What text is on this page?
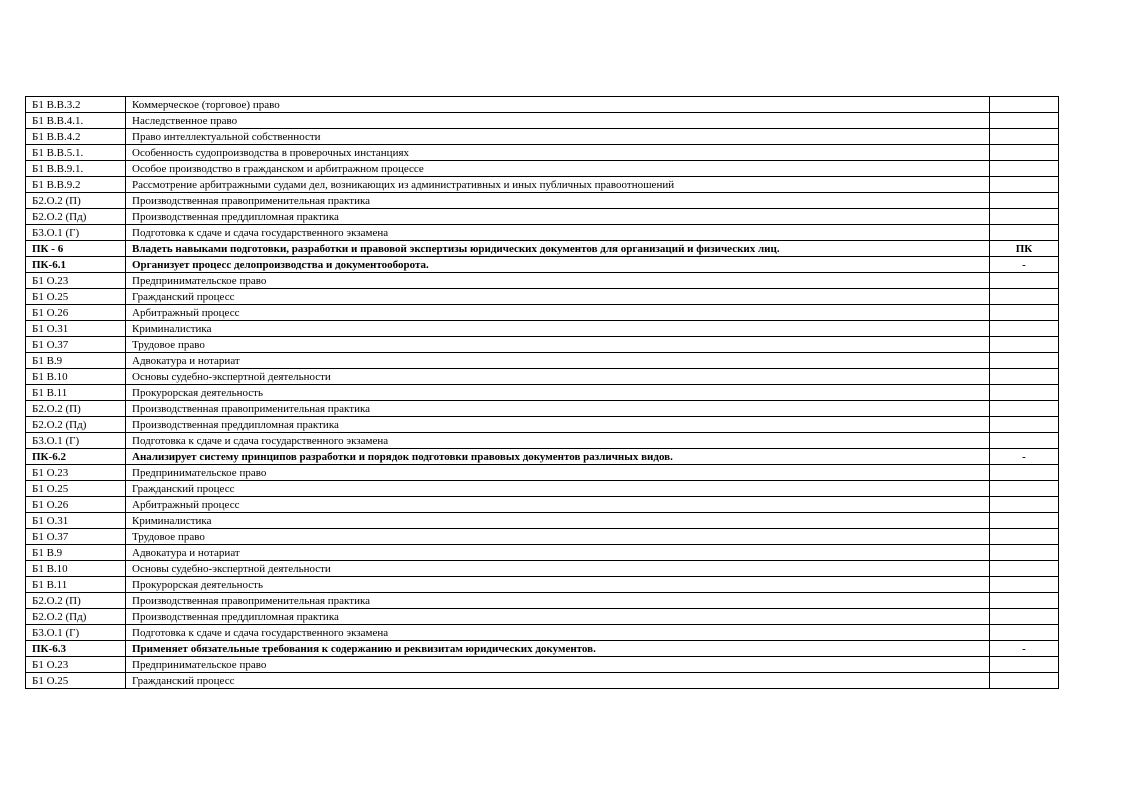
Б1 В.В.3.2	Коммерческое (торговое) право	
Б1 В.В.4.1.	Наследственное право	
Б1 В.В.4.2	Право интеллектуальной собственности	
Б1 В.В.5.1.	Особенность судопроизводства в проверочных инстанциях	
Б1 В.В.9.1.	Особое производство в гражданском и арбитражном процессе	
Б1 В.В.9.2	Рассмотрение арбитражными судами дел, возникающих из административных и иных публичных правоотношений	
Б2.О.2 (П)	Производственная правоприменительная практика	
Б2.О.2 (Пд)	Производственная преддипломная практика	
Б3.О.1 (Г)	Подготовка к сдаче и сдача государственного экзамена	
ПК - 6	Владеть навыками подготовки, разработки и правовой экспертизы юридических документов для организаций и физических лиц.	ПК
ПК-6.1	Организует процесс делопроизводства и документооборота.	-
Б1 О.23	Предпринимательское право	
Б1 О.25	Гражданский процесс	
Б1 О.26	Арбитражный процесс	
Б1 О.31	Криминалистика	
Б1 О.37	Трудовое право	
Б1 В.9	Адвокатура и нотариат	
Б1 В.10	Основы судебно-экспертной деятельности	
Б1 В.11	Прокурорская деятельность	
Б2.О.2 (П)	Производственная правоприменительная практика	
Б2.О.2 (Пд)	Производственная преддипломная практика	
Б3.О.1 (Г)	Подготовка к сдаче и сдача государственного экзамена	
ПК-6.2	Анализирует систему принципов разработки и порядок подготовки правовых документов различных видов.	-
Б1 О.23	Предпринимательское право	
Б1 О.25	Гражданский процесс	
Б1 О.26	Арбитражный процесс	
Б1 О.31	Криминалистика	
Б1 О.37	Трудовое право	
Б1 В.9	Адвокатура и нотариат	
Б1 В.10	Основы судебно-экспертной деятельности	
Б1 В.11	Прокурорская деятельность	
Б2.О.2 (П)	Производственная правоприменительная практика	
Б2.О.2 (Пд)	Производственная преддипломная практика	
Б3.О.1 (Г)	Подготовка к сдаче и сдача государственного экзамена	
ПК-6.3	Применяет обязательные требования к содержанию и реквизитам юридических документов.	-
Б1 О.23	Предпринимательское право	
Б1 О.25	Гражданский процесс	
